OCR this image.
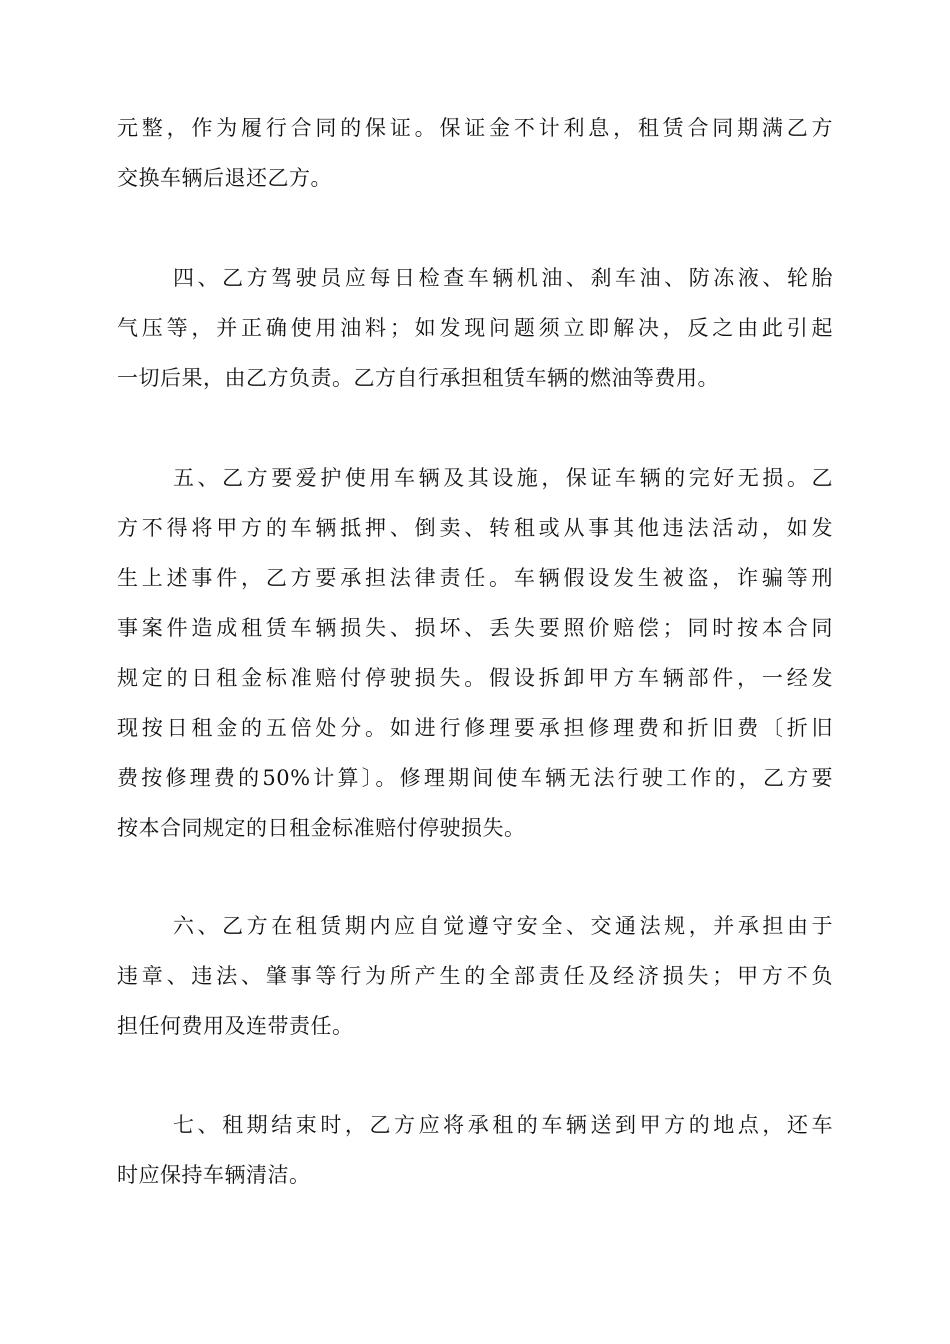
元整，作为履行合同的保证。保证金不计利息，租赁合同期满乙方
交换车辆后退还乙方。
四、乙方驾驶员应每日检查车辆机油、刹车油、防冻液、轮胎
气压等，并正确使用油料；如发现问题须立即解决，反之由此引起
一切后果，由乙方负责。乙方自行承担租赁车辆的燃油等费用。
五、乙方要爱护使用车辆及其设施，保证车辆的完好无损。乙
方不得将甲方的车辆抵押、倒卖、转租或从事其他违法活动，如发
生上述事件，乙方要承担法律责任。车辆假设发生被盗，诈骗等刑
事案件造成租赁车辆损失、损坏、丢失要照价赔偿；同时按本合同
规定的日租金标准赔付停驶损失。假设拆卸甲方车辆部件，一经发
现按日租金的五倍处分。如进行修理要承担修理费和折旧费〔折旧
费按修理费的50%计算〕。修理期间使车辆无法行驶工作的，乙方要
按本合同规定的日租金标准赔付停驶损失。
六、乙方在租赁期内应自觉遵守安全、交通法规，并承担由于
违章、违法、肇事等行为所产生的全部责任及经济损失；甲方不负
担任何费用及连带责任。
七、租期结束时，乙方应将承租的车辆送到甲方的地点，还车
时应保持车辆清洁。
